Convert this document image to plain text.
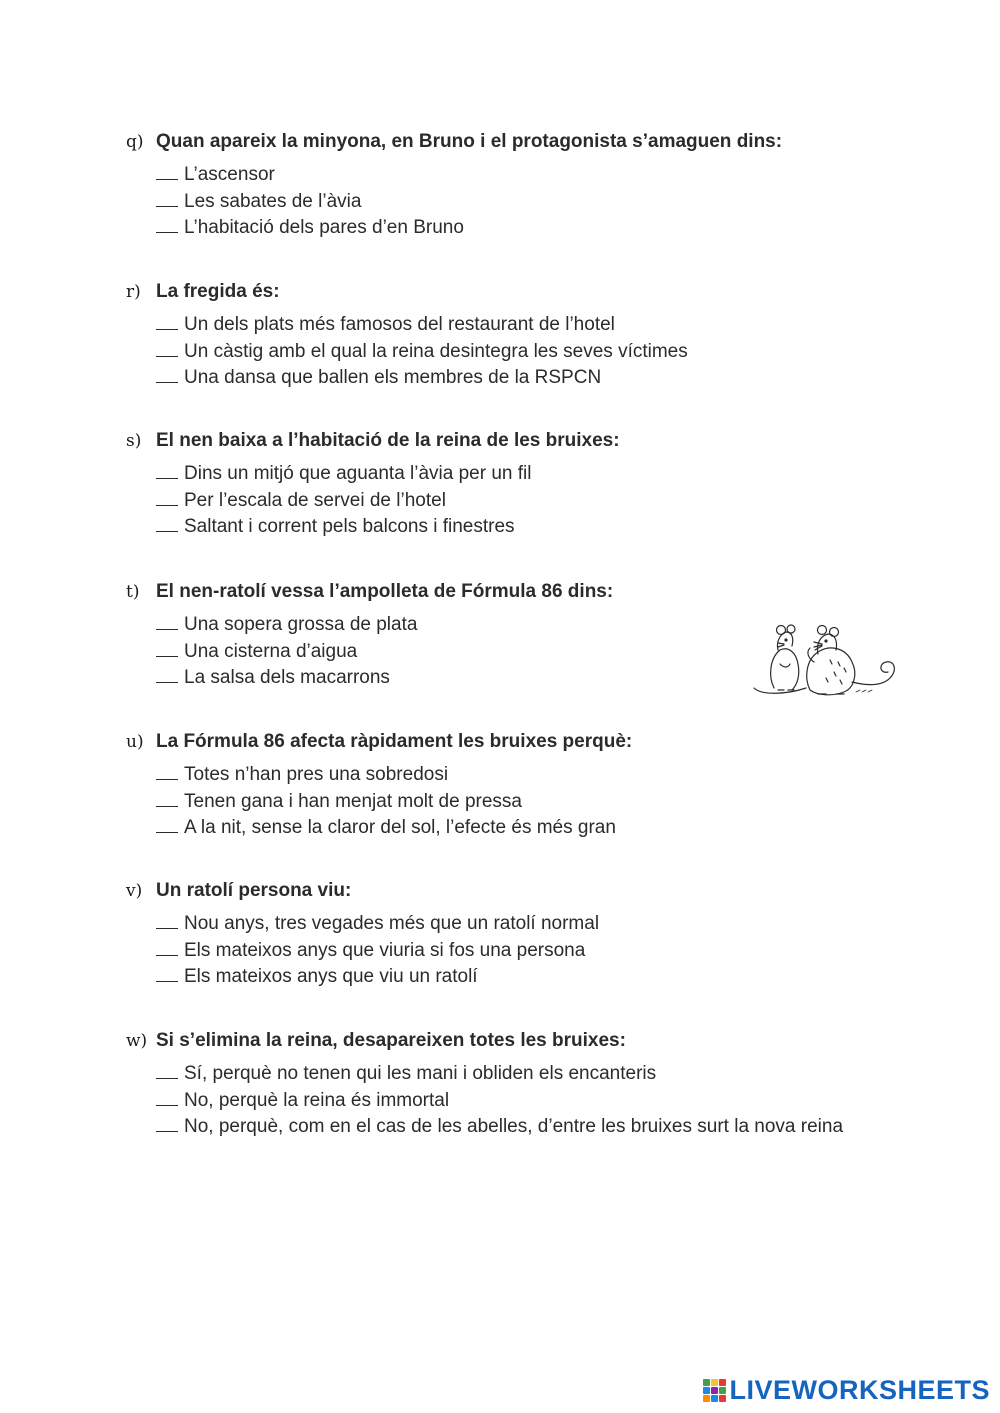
q) Quan apareix la minyona, en Bruno i el protagonista s’amaguen dins:
L’ascensor
Les sabates de l’àvia
L’habitació dels pares d’en Bruno
r) La fregida és:
Un dels plats més famosos del restaurant de l’hotel
Un càstig amb el qual la reina desintegra les seves víctimes
Una dansa que ballen els membres de la RSPCN
s) El nen baixa a l’habitació de la reina de les bruixes:
Dins un mitjó que aguanta l’àvia per un fil
Per l’escala de servei de l’hotel
Saltant i corrent pels balcons i finestres
t) El nen-ratolí vessa l’ampolleta de Fórmula 86 dins:
Una sopera grossa de plata
Una cisterna d’aigua
La salsa dels macarrons
u) La Fórmula 86 afecta ràpidament les bruixes perquè:
Totes n’han pres una sobredosi
Tenen gana i han menjat molt de pressa
A la nit, sense la claror del sol, l’efecte és més gran
v) Un ratolí persona viu:
Nou anys, tres vegades més que un ratolí normal
Els mateixos anys que viuria si fos una persona
Els mateixos anys que viu un ratolí
w) Si s’elimina la reina, desapareixen totes les bruixes:
Sí, perquè no tenen qui les mani i obliden els encanteris
No, perquè la reina és immortal
No, perquè, com en el cas de les abelles, d’entre les bruixes surt la nova reina
LIVEWORKSHEETS
